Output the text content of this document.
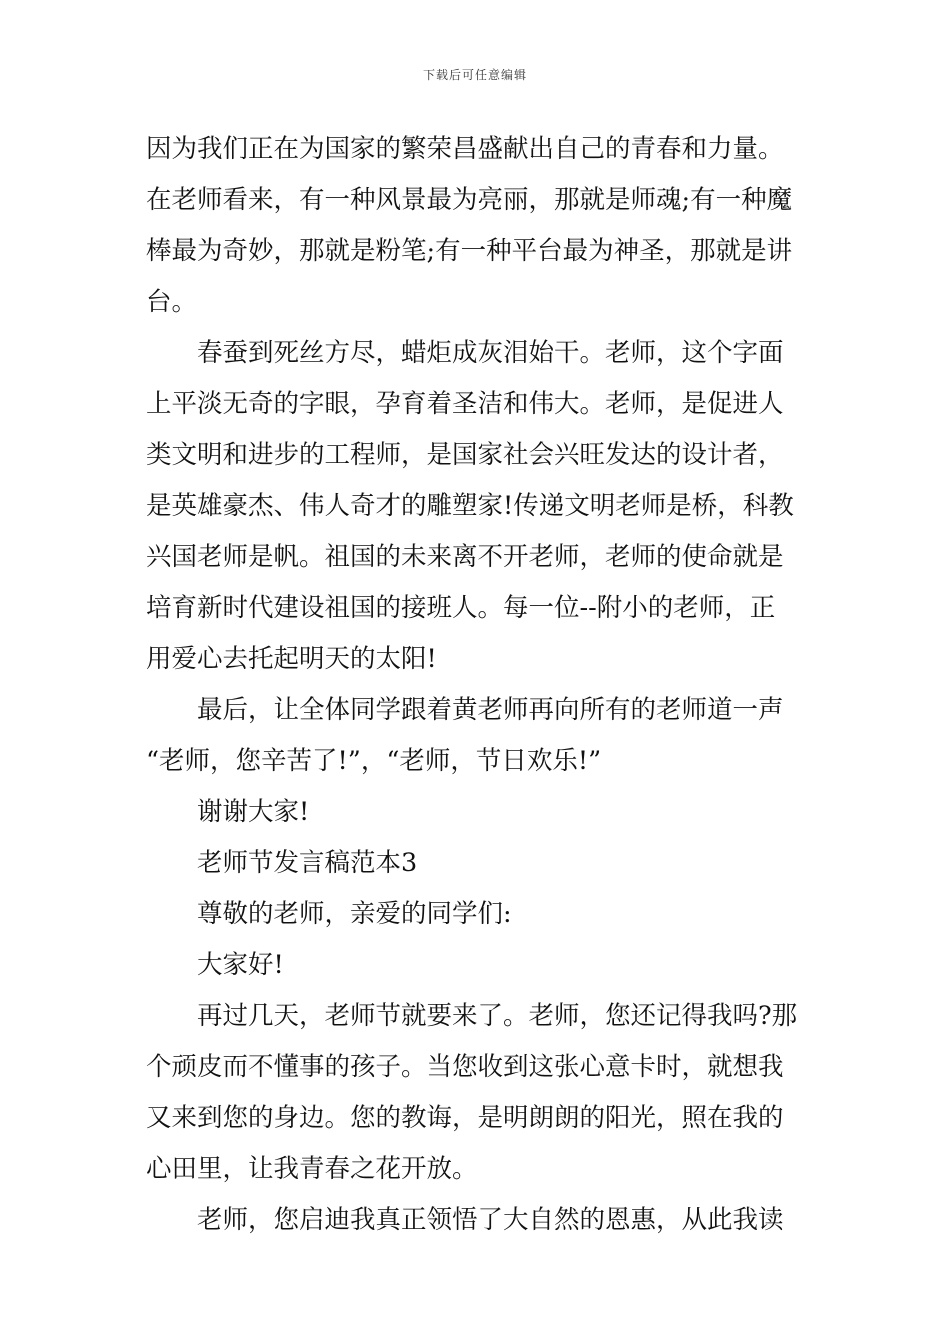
下载后可任意编辑
因为我们正在为国家的繁荣昌盛献出自己的青春和力量。
在老师看来，有一种风景最为亮丽，那就是师魂;有一种魔
棒最为奇妙，那就是粉笔;有一种平台最为神圣，那就是讲
台。
春蚕到死丝方尽，蜡炬成灰泪始干。老师，这个字面
上平淡无奇的字眼，孕育着圣洁和伟大。老师，是促进人
类文明和进步的工程师，是国家社会兴旺发达的设计者，
是英雄豪杰、伟人奇才的雕塑家!传递文明老师是桥，科教
兴国老师是帆。祖国的未来离不开老师，老师的使命就是
培育新时代建设祖国的接班人。每一位--附小的老师，正
用爱心去托起明天的太阳!
最后，让全体同学跟着黄老师再向所有的老师道一声
“老师，您辛苦了!”，“老师，节日欢乐!”
谢谢大家!
老师节发言稿范本3
尊敬的老师，亲爱的同学们:
大家好!
再过几天，老师节就要来了。老师，您还记得我吗?那
个顽皮而不懂事的孩子。当您收到这张心意卡时，就想我
又来到您的身边。您的教诲，是明朗朗的阳光，照在我的
心田里，让我青春之花开放。
老师，您启迪我真正领悟了大自然的恩惠，从此我读
